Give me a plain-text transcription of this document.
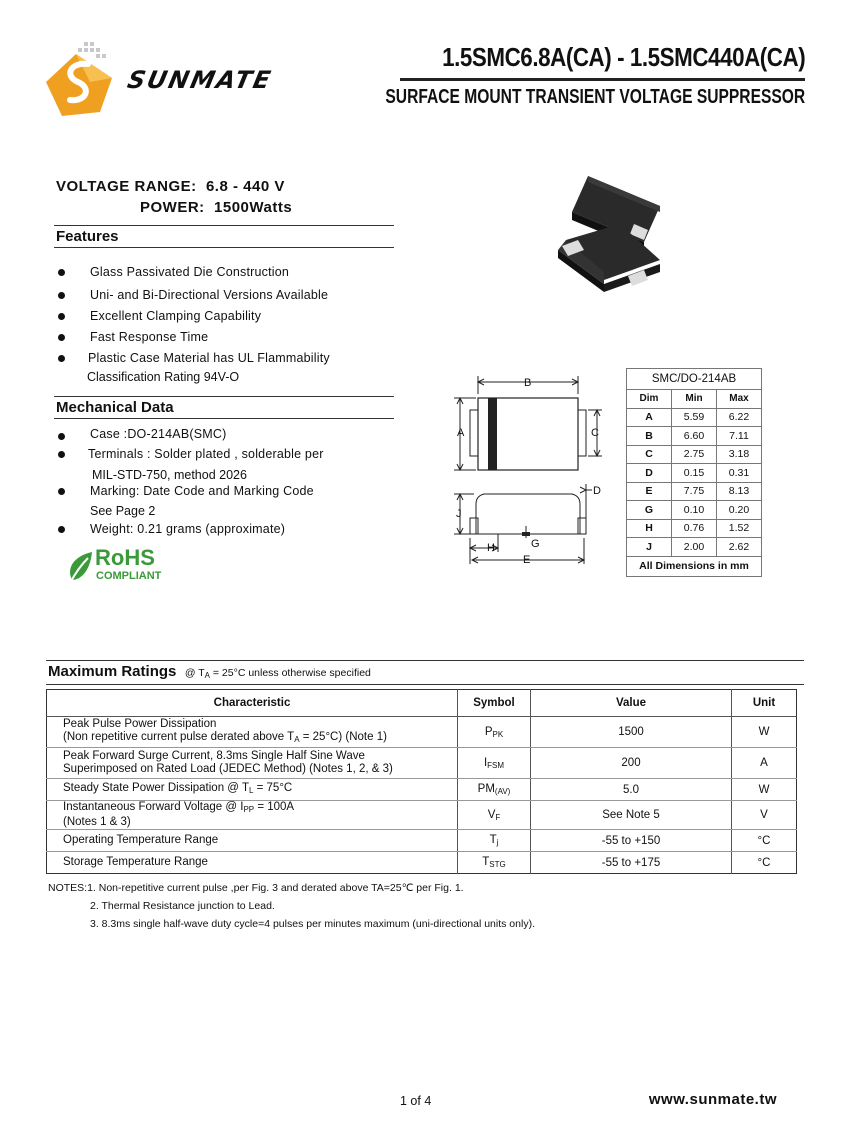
SUNMATE
1.5SMC6.8A(CA) - 1.5SMC440A(CA)
SURFACE MOUNT TRANSIENT VOLTAGE SUPPRESSOR
VOLTAGE RANGE: 6.8 - 440 V
POWER: 1500Watts
Features
Glass Passivated Die Construction
Uni- and Bi-Directional Versions Available
Excellent Clamping Capability
Fast Response Time
Plastic Case Material has UL Flammability
Classification Rating 94V-O
Mechanical Data
Case :DO-214AB(SMC)
Terminals : Solder plated , solderable per
MIL-STD-750, method 2026
Marking: Date Code and Marking Code
See Page 2
Weight: 0.21 grams (approximate)
RoHS
COMPLIANT
B
A	C
D
J
H	G
E
SMC/DO-214AB		
Dim	Min	Max
A	5.59	6.22
B	6.60	7.11
C	2.75	3.18
D	0.15	0.31
E	7.75	8.13
G	0.10	0.20
H	0.76	1.52
J	2.00	2.62
All Dimensions in mm		
Maximum Ratings @ $T_A = 25^\circ C$ unless otherwise specified
Characteristic	Symbol	Value	Unit
Peak Pulse Power Dissipation
(Non repetitive current pulse derated above $T_A = 25^\circ C$) (Note 1)	$P_{PK}$	1500	W
Peak Forward Surge Current, 8.3ms Single Half Sine Wave
Superimposed on Rated Load (JEDEC Method) (Notes 1, 2, & 3)	$I_{FSM}$	200	A
Steady State Power Dissipation @ $T_L = 75^\circ C$	$PM_{(AV)}$	5.0	W
Instantaneous Forward Voltage @ $I_{PP} = 100A$
(Notes 1 & 3)	$V_F$	See Note 5	V
Operating Temperature Range	$T_j$	-55 to +150	°C
Storage Temperature Range	$T_{STG}$	-55 to +175	°C
NOTES:1. Non-repetitive current pulse ,per Fig. 3 and derated above TA=25℃ per Fig. 1.
2. Thermal Resistance junction to Lead.
3. 8.3ms single half-wave duty cycle=4 pulses per minutes maximum (uni-directional units only).
1 of 4	www.sunmate.tw
